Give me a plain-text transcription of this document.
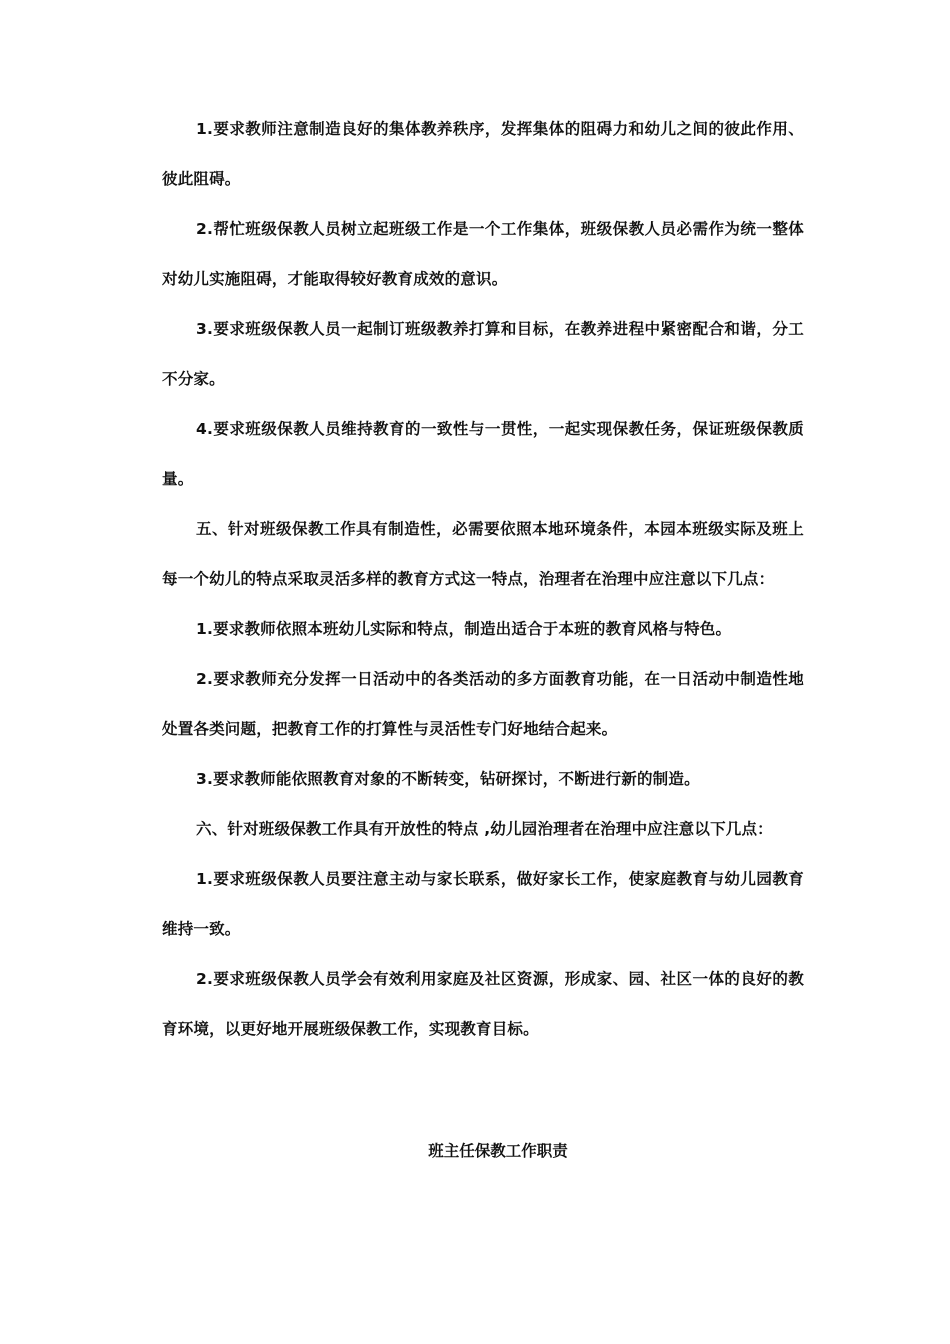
1.要求教师注意制造良好的集体教养秩序，发挥集体的阻碍力和幼儿之间的彼此作用、彼此阻碍。

2.帮忙班级保教人员树立起班级工作是一个工作集体，班级保教人员必需作为统一整体对幼儿实施阻碍，才能取得较好教育成效的意识。

3.要求班级保教人员一起制订班级教养打算和目标，在教养进程中紧密配合和谐，分工不分家。

4.要求班级保教人员维持教育的一致性与一贯性，一起实现保教任务，保证班级保教质量。

五、针对班级保教工作具有制造性，必需要依照本地环境条件，本园本班级实际及班上每一个幼儿的特点采取灵活多样的教育方式这一特点，治理者在治理中应注意以下几点：

1.要求教师依照本班幼儿实际和特点，制造出适合于本班的教育风格与特色。

2.要求教师充分发挥一日活动中的各类活动的多方面教育功能，在一日活动中制造性地处置各类问题，把教育工作的打算性与灵活性专门好地结合起来。

3.要求教师能依照教育对象的不断转变，钻研探讨，不断进行新的制造。

六、针对班级保教工作具有开放性的特点 ,幼儿园治理者在治理中应注意以下几点：

1.要求班级保教人员要注意主动与家长联系，做好家长工作，使家庭教育与幼儿园教育维持一致。

2.要求班级保教人员学会有效利用家庭及社区资源，形成家、园、社区一体的良好的教育环境，以更好地开展班级保教工作，实现教育目标。

班主任保教工作职责
